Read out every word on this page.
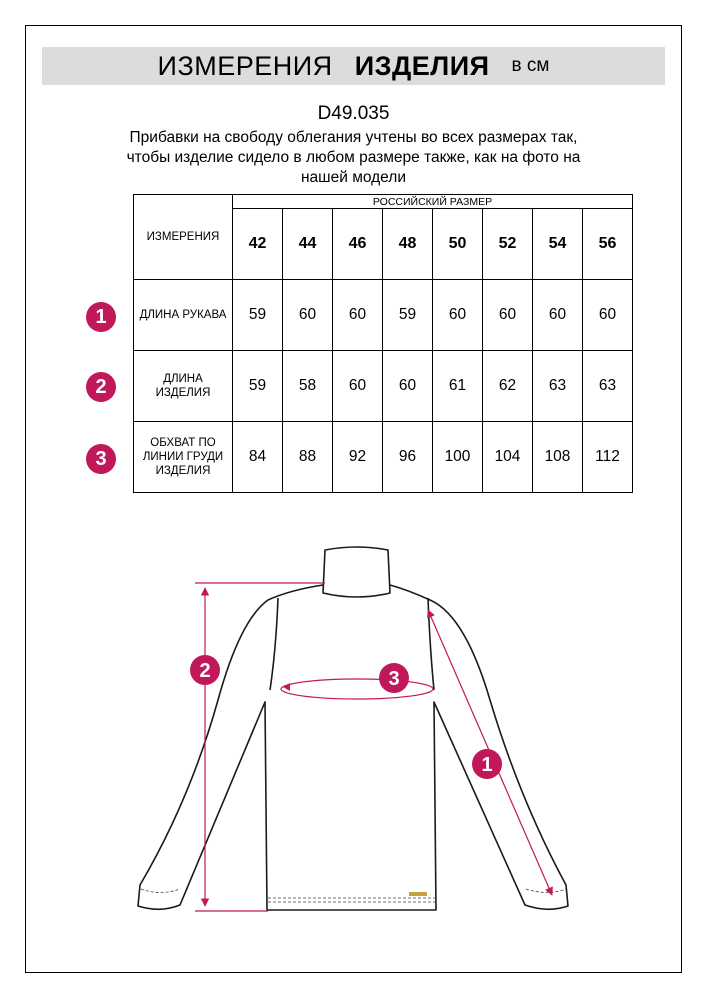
ИЗМЕРЕНИЯ ИЗДЕЛИЯ в см
D49.035
Прибавки на свободу облегания учтены во всех размерах так, чтобы изделие сидело в любом размере также, как на фото на нашей модели
ИЗМЕРЕНИЯ	РОССИЙСКИЙ РАЗМЕР							
	42	44	46	48	50	52	54	56
ДЛИНА РУКАВА	59	60	60	59	60	60	60	60
ДЛИНА ИЗДЕЛИЯ	59	58	60	60	61	62	63	63
ОБХВАТ ПО ЛИНИИ ГРУДИ ИЗДЕЛИЯ	84	88	92	96	100	104	108	112
1
2
3
2	3
1
